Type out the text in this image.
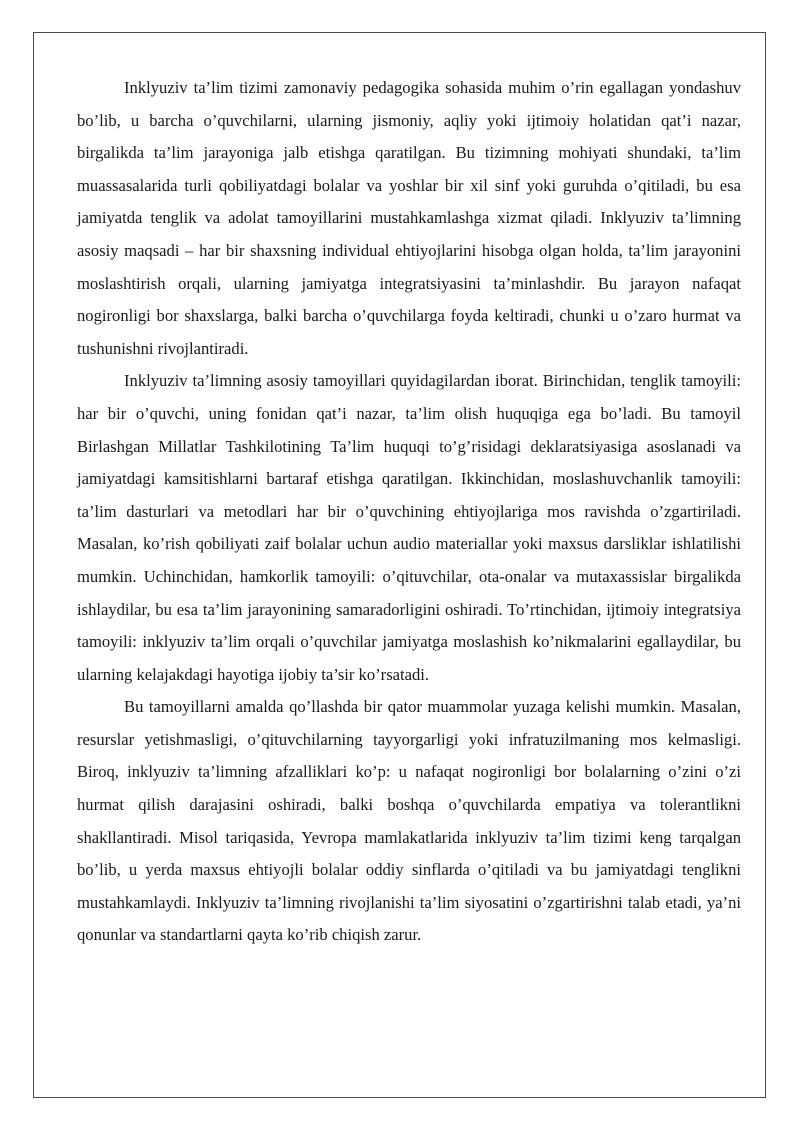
Inklyuziv ta’lim tizimi zamonaviy pedagogika sohasida muhim o’rin egallagan yondashuv bo’lib, u barcha o’quvchilarni, ularning jismoniy, aqliy yoki ijtimoiy holatidan qat’i nazar, birgalikda ta’lim jarayoniga jalb etishga qaratilgan. Bu tizimning mohiyati shundaki, ta’lim muassasalarida turli qobiliyatdagi bolalar va yoshlar bir xil sinf yoki guruhda o’qitiladi, bu esa jamiyatda tenglik va adolat tamoyillarini mustahkamlashga xizmat qiladi. Inklyuziv ta’limning asosiy maqsadi – har bir shaxsning individual ehtiyojlarini hisobga olgan holda, ta’lim jarayonini moslashtirish orqali, ularning jamiyatga integratsiyasini ta’minlashdir. Bu jarayon nafaqat nogironligi bor shaxslarga, balki barcha o’quvchilarga foyda keltiradi, chunki u o’zaro hurmat va tushunishni rivojlantiradi.

Inklyuziv ta’limning asosiy tamoyillari quyidagilardan iborat. Birinchidan, tenglik tamoyili: har bir o’quvchi, uning fonidan qat’i nazar, ta’lim olish huquqiga ega bo’ladi. Bu tamoyil Birlashgan Millatlar Tashkilotining Ta’lim huquqi to’g’risidagi deklaratsiyasiga asoslanadi va jamiyatdagi kamsitishlarni bartaraf etishga qaratilgan. Ikkinchidan, moslashuvchanlik tamoyili: ta’lim dasturlari va metodlari har bir o’quvchining ehtiyojlariga mos ravishda o’zgartiriladi. Masalan, ko’rish qobiliyati zaif bolalar uchun audio materiallar yoki maxsus darsliklar ishlatilishi mumkin. Uchinchidan, hamkorlik tamoyili: o’qituvchilar, ota-onalar va mutaxassislar birgalikda ishlaydilar, bu esa ta’lim jarayonining samaradorligini oshiradi. To’rtinchidan, ijtimoiy integratsiya tamoyili: inklyuziv ta’lim orqali o’quvchilar jamiyatga moslashish ko’nikmalarini egallaydilar, bu ularning kelajakdagi hayotiga ijobiy ta’sir ko’rsatadi.

Bu tamoyillarni amalda qo’llashda bir qator muammolar yuzaga kelishi mumkin. Masalan, resurslar yetishmasligi, o’qituvchilarning tayyorgarligi yoki infratuzilmaning mos kelmasligi. Biroq, inklyuziv ta’limning afzalliklari ko’p: u nafaqat nogironligi bor bolalarning o’zini o’zi hurmat qilish darajasini oshiradi, balki boshqa o’quvchilarda empatiya va tolerantlikni shakllantiradi. Misol tariqasida, Yevropa mamlakatlarida inklyuziv ta’lim tizimi keng tarqalgan bo’lib, u yerda maxsus ehtiyojli bolalar oddiy sinflarda o’qitiladi va bu jamiyatdagi tenglikni mustahkamlaydi. Inklyuziv ta’limning rivojlanishi ta’lim siyosatini o’zgartirishni talab etadi, ya’ni qonunlar va standartlarni qayta ko’rib chiqish zarur.
